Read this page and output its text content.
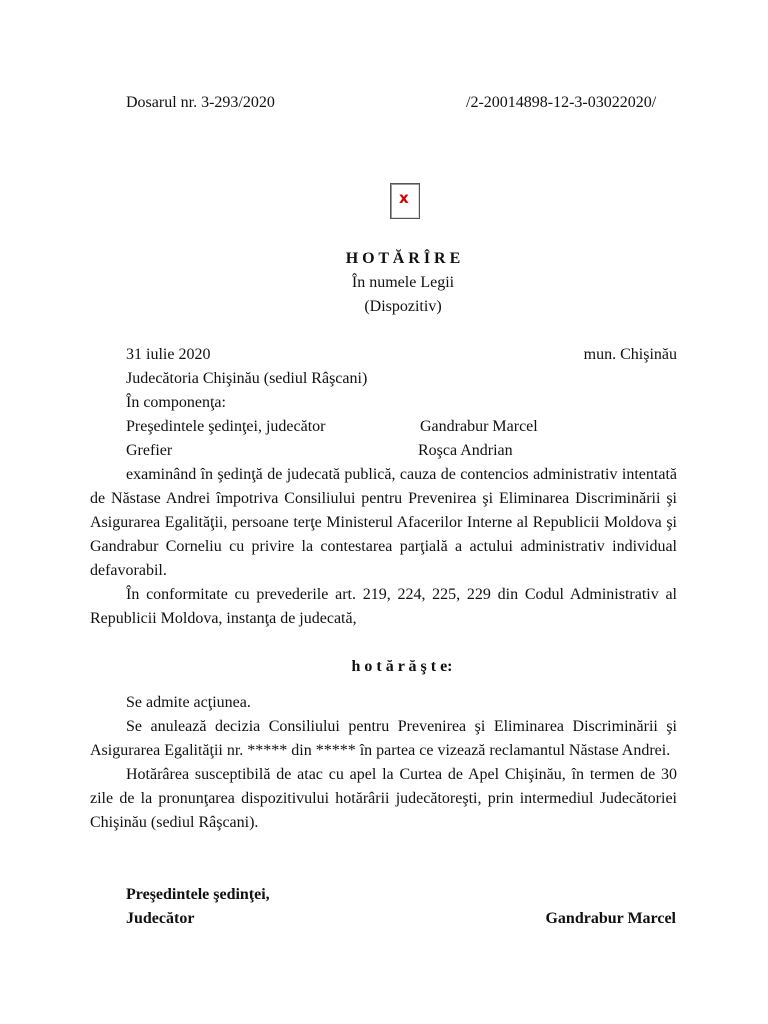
Dosarul nr. 3-293/2020	/2-20014898-12-3-03022020/
x
H O T Ă R Î R E
În numele Legii
(Dispozitiv)
31 iulie 2020	mun. Chişinău
Judecătoria Chişinău (sediul Râşcani)
În componenţa:
Preşedintele şedinţei, judecător	Gandrabur Marcel
Grefier	Roşca Andrian

examinând în şedinţă de judecată publică, cauza de contencios administrativ intentată de Năstase Andrei împotriva Consiliului pentru Prevenirea şi Eliminarea Discriminării şi Asigurarea Egalităţii, persoane terţe Ministerul Afacerilor Interne al Republicii Moldova şi Gandrabur Corneliu cu privire la contestarea parţială a actului administrativ individual defavorabil.

În conformitate cu prevederile art. 219, 224, 225, 229 din Codul Administrativ al Republicii Moldova, instanţa de judecată,

h o t ă r ă ş t e:

Se admite acţiunea.

Se anulează decizia Consiliului pentru Prevenirea şi Eliminarea Discriminării şi Asigurarea Egalităţii nr. ***** din ***** în partea ce vizează reclamantul Năstase Andrei.

Hotărârea susceptibilă de atac cu apel la Curtea de Apel Chişinău, în termen de 30 zile de la pronunţarea dispozitivului hotărârii judecătoreşti, prin intermediul Judecătoriei Chişinău (sediul Râşcani).

Preşedintele şedinţei,
Judecător	Gandrabur Marcel
